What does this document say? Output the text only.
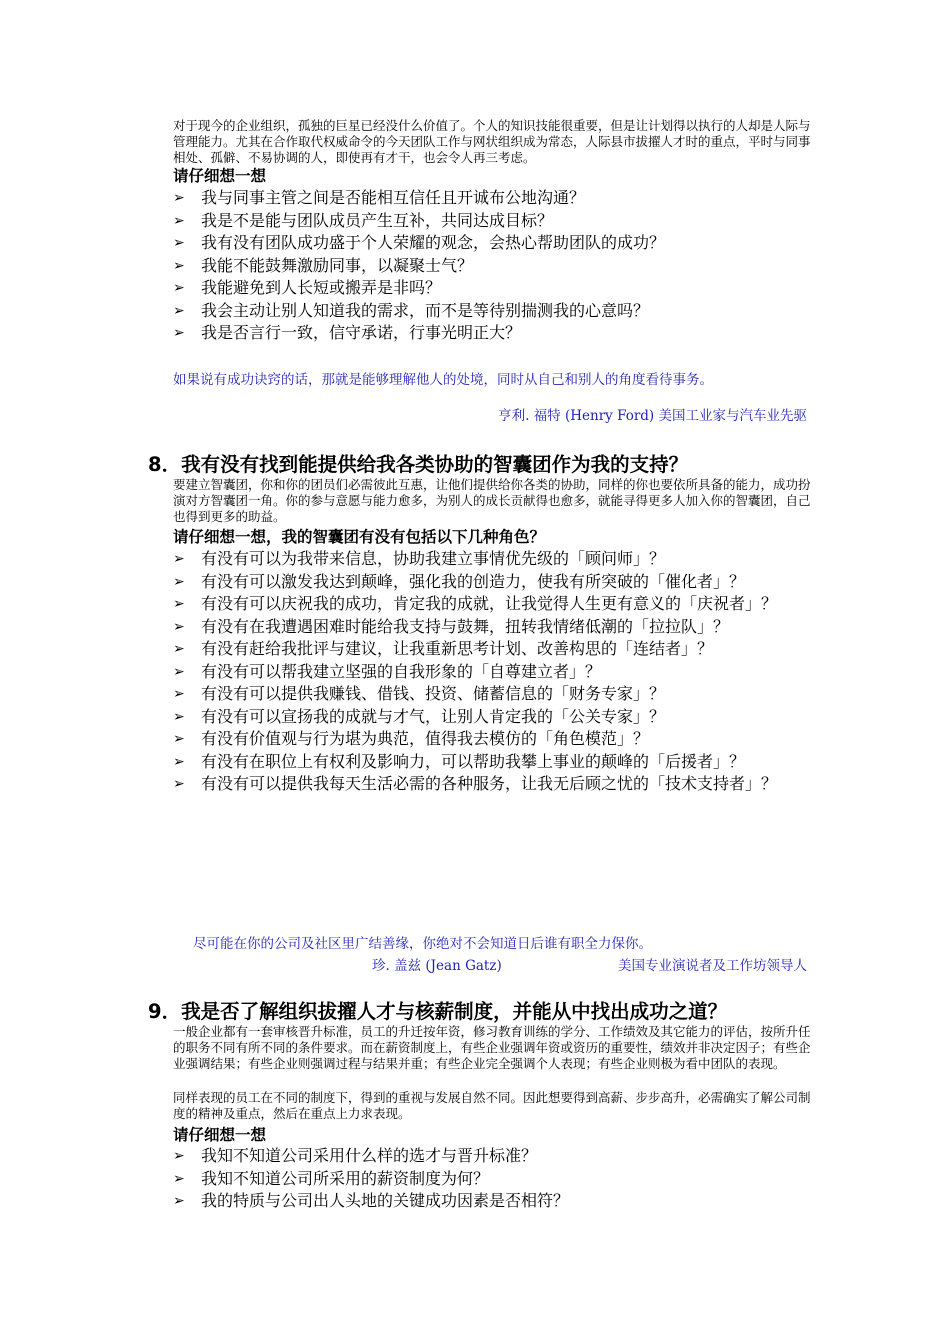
对于现今的企业组织，孤独的巨星已经没什么价值了。个人的知识技能很重要，但是让计划得以执行的人却是人际与管理能力。尤其在合作取代权威命令的今天团队工作与网状组织成为常态，人际县市拔擢人才时的重点，平时与同事相处、孤僻、不易协调的人，即使再有才干，也会令人再三考虑。

请仔细想一想

➢ 我与同事主管之间是否能相互信任且开诚布公地沟通？
➢ 我是不是能与团队成员产生互补，共同达成目标？
➢ 我有没有团队成功盛于个人荣耀的观念，会热心帮助团队的成功？
➢ 我能不能鼓舞激励同事，以凝聚士气？
➢ 我能避免到人长短或搬弄是非吗？
➢ 我会主动让别人知道我的需求，而不是等待别揣测我的心意吗？
➢ 我是否言行一致，信守承诺，行事光明正大？

如果说有成功诀窍的话，那就是能够理解他人的处境，同时从自己和别人的角度看待事务。

亨利. 福特 (Henry Ford) 美国工业家与汽车业先驱

8．我有没有找到能提供给我各类协助的智囊团作为我的支持？

要建立智囊团，你和你的团员们必需彼此互惠，让他们提供给你各类的协助，同样的你也要依所具备的能力，成功扮演对方智囊团一角。你的参与意愿与能力愈多，为别人的成长贡献得也愈多，就能寻得更多人加入你的智囊团，自己也得到更多的助益。

请仔细想一想，我的智囊团有没有包括以下几种角色？

➢ 有没有可以为我带来信息，协助我建立事情优先级的「顾问师」？
➢ 有没有可以激发我达到颠峰，强化我的创造力，使我有所突破的「催化者」？
➢ 有没有可以庆祝我的成功，肯定我的成就，让我觉得人生更有意义的「庆祝者」？
➢ 有没有在我遭遇困难时能给我支持与鼓舞，扭转我情绪低潮的「拉拉队」？
➢ 有没有赶给我批评与建议，让我重新思考计划、改善构思的「连结者」？
➢ 有没有可以帮我建立坚强的自我形象的「自尊建立者」？
➢ 有没有可以提供我赚钱、借钱、投资、储蓄信息的「财务专家」？
➢ 有没有可以宣扬我的成就与才气，让别人肯定我的「公关专家」？
➢ 有没有价值观与行为堪为典范，值得我去模仿的「角色模范」？
➢ 有没有在职位上有权利及影响力，可以帮助我攀上事业的颠峰的「后援者」？
➢ 有没有可以提供我每天生活必需的各种服务，让我无后顾之忧的「技术支持者」？

尽可能在你的公司及社区里广结善缘，你绝对不会知道日后谁有职全力保你。

珍. 盖兹 (Jean Gatz)	美国专业演说者及工作坊领导人

9．我是否了解组织拔擢人才与核薪制度，并能从中找出成功之道？

一般企业都有一套审核晋升标准，员工的升迁按年资，修习教育训练的学分、工作绩效及其它能力的评估，按所升任的职务不同有所不同的条件要求。而在薪资制度上，有些企业强调年资或资历的重要性，绩效并非决定因子；有些企业强调结果；有些企业则强调过程与结果并重；有些企业完全强调个人表现；有些企业则极为看中团队的表现。

同样表现的员工在不同的制度下，得到的重视与发展自然不同。因此想要得到高薪、步步高升，必需确实了解公司制度的精神及重点，然后在重点上力求表现。

请仔细想一想

➢ 我知不知道公司采用什么样的选才与晋升标准？
➢ 我知不知道公司所采用的薪资制度为何？
➢ 我的特质与公司出人头地的关键成功因素是否相符？
